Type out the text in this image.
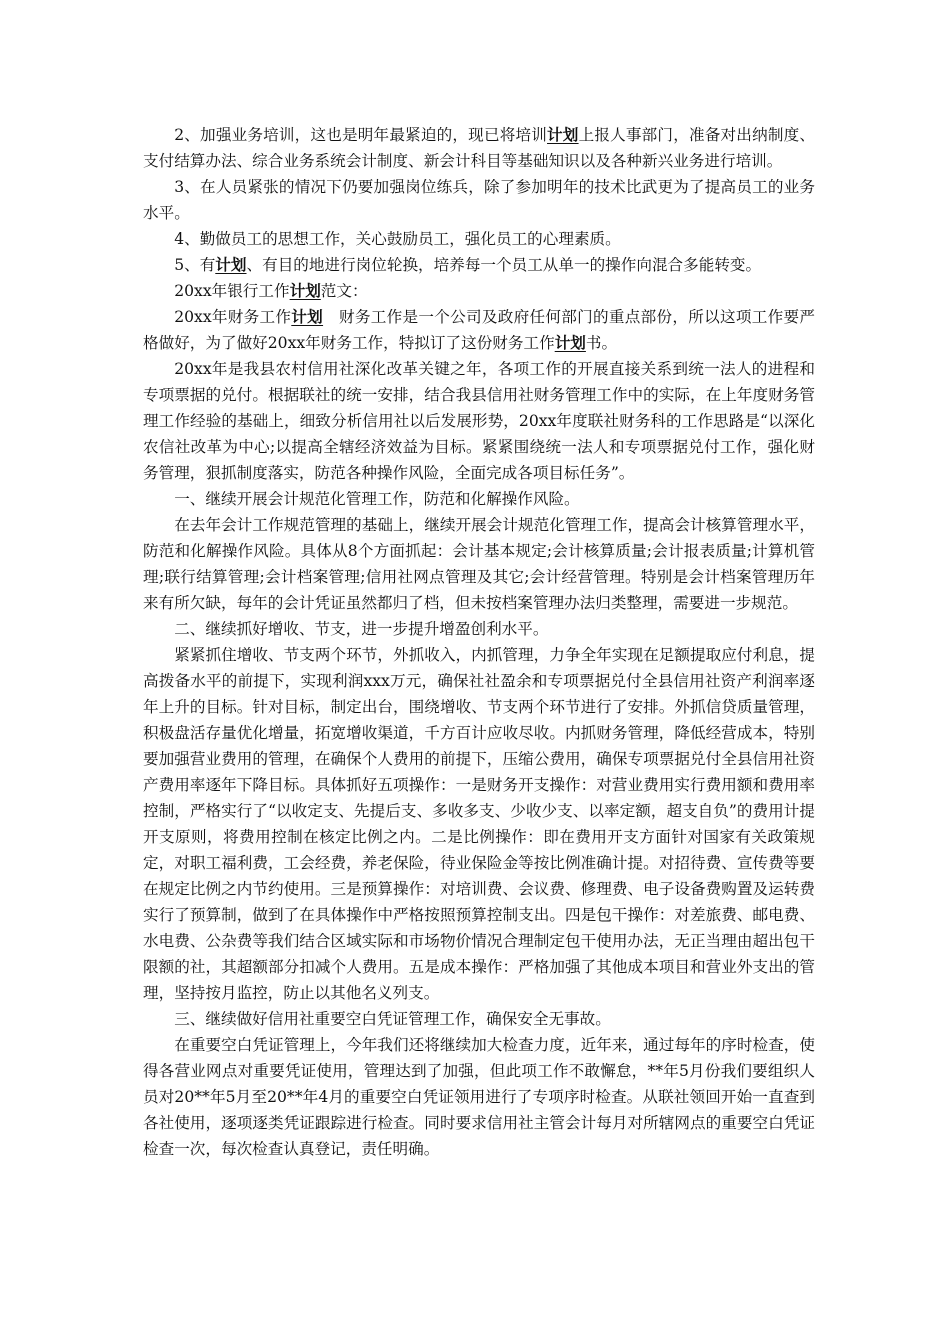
2、加强业务培训，这也是明年最紧迫的，现已将培训计划上报人事部门，准备对出纳制度、支付结算办法、综合业务系统会计制度、新会计科目等基础知识以及各种新兴业务进行培训。

3、在人员紧张的情况下仍要加强岗位练兵，除了参加明年的技术比武更为了提高员工的业务水平。

4、勤做员工的思想工作，关心鼓励员工，强化员工的心理素质。

5、有计划、有目的地进行岗位轮换，培养每一个员工从单一的操作向混合多能转变。

20xx年银行工作计划范文：

20xx年财务工作计划　财务工作是一个公司及政府任何部门的重点部份，所以这项工作要严格做好，为了做好20xx年财务工作，特拟订了这份财务工作计划书。

20xx年是我县农村信用社深化改革关键之年，各项工作的开展直接关系到统一法人的进程和专项票据的兑付。根据联社的统一安排，结合我县信用社财务管理工作中的实际，在上年度财务管理工作经验的基础上，细致分析信用社以后发展形势，20xx年度联社财务科的工作思路是“以深化农信社改革为中心;以提高全辖经济效益为目标。紧紧围绕统一法人和专项票据兑付工作，强化财务管理，狠抓制度落实，防范各种操作风险，全面完成各项目标任务”。

一、继续开展会计规范化管理工作，防范和化解操作风险。

在去年会计工作规范管理的基础上，继续开展会计规范化管理工作，提高会计核算管理水平，防范和化解操作风险。具体从8个方面抓起：会计基本规定;会计核算质量;会计报表质量;计算机管理;联行结算管理;会计档案管理;信用社网点管理及其它;会计经营管理。特别是会计档案管理历年来有所欠缺，每年的会计凭证虽然都归了档，但未按档案管理办法归类整理，需要进一步规范。

二、继续抓好增收、节支，进一步提升增盈创利水平。

紧紧抓住增收、节支两个环节，外抓收入，内抓管理，力争全年实现在足额提取应付利息，提高拨备水平的前提下，实现利润xxx万元，确保社社盈余和专项票据兑付全县信用社资产利润率逐年上升的目标。针对目标，制定出台，围绕增收、节支两个环节进行了安排。外抓信贷质量管理，积极盘活存量优化增量，拓宽增收渠道，千方百计应收尽收。内抓财务管理，降低经营成本，特别要加强营业费用的管理，在确保个人费用的前提下，压缩公费用，确保专项票据兑付全县信用社资产费用率逐年下降目标。具体抓好五项操作：一是财务开支操作：对营业费用实行费用额和费用率控制，严格实行了“以收定支、先提后支、多收多支、少收少支、以率定额，超支自负”的费用计提开支原则，将费用控制在核定比例之内。二是比例操作：即在费用开支方面针对国家有关政策规定，对职工福利费，工会经费，养老保险，待业保险金等按比例准确计提。对招待费、宣传费等要在规定比例之内节约使用。三是预算操作：对培训费、会议费、修理费、电子设备费购置及运转费实行了预算制，做到了在具体操作中严格按照预算控制支出。四是包干操作：对差旅费、邮电费、水电费、公杂费等我们结合区域实际和市场物价情况合理制定包干使用办法，无正当理由超出包干限额的社，其超额部分扣减个人费用。五是成本操作：严格加强了其他成本项目和营业外支出的管理，坚持按月监控，防止以其他名义列支。

三、继续做好信用社重要空白凭证管理工作，确保安全无事故。

在重要空白凭证管理上，今年我们还将继续加大检查力度，近年来，通过每年的序时检查，使得各营业网点对重要凭证使用，管理达到了加强，但此项工作不敢懈怠，**年5月份我们要组织人员对20**年5月至20**年4月的重要空白凭证领用进行了专项序时检查。从联社领回开始一直查到各社使用，逐项逐类凭证跟踪进行检查。同时要求信用社主管会计每月对所辖网点的重要空白凭证检查一次，每次检查认真登记，责任明确。
